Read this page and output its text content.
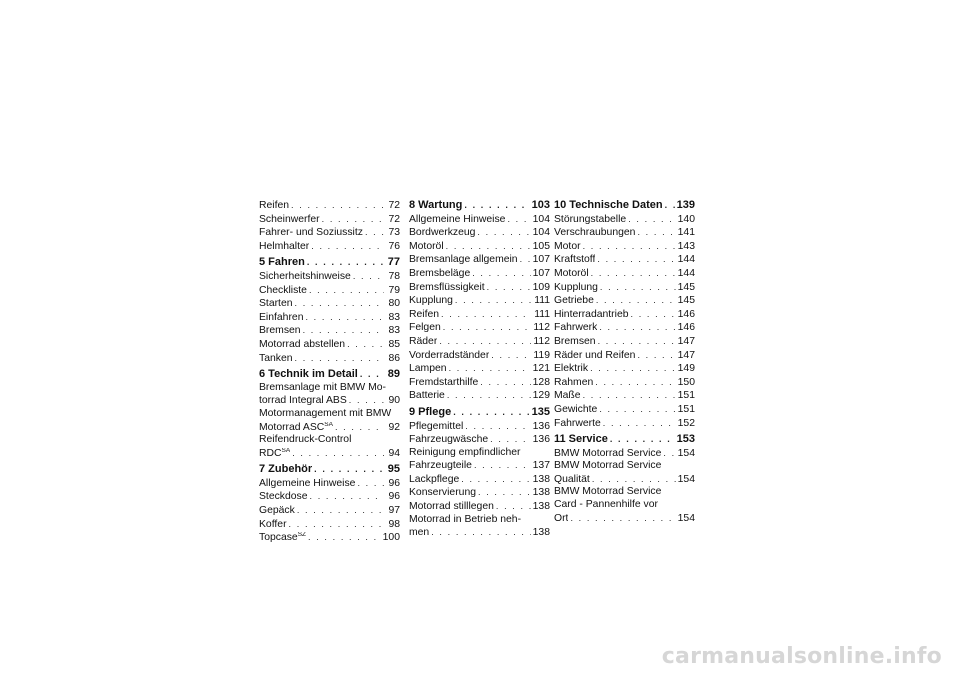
Reifen . . .	72
Scheinwerfer . . .	72
Fahrer- und Soziussitz . . . 73
Helmhalter . . .	76
5 Fahren . . .	77
Sicherheitshinweise . . .	78
Checkliste . . .	79
Starten . . .	80
Einfahren . . .	83
Bremsen . . .	83
Motorrad abstellen . . .	85
Tanken . . .	86
6 Technik im Detail . . .	89
Bremsanlage mit BMW Mo-
torrad Integral ABS . . .	90
Motormanagement mit BMW
Motorrad $ASC^{SA}$ . . .	92
Reifendruck-Control
$RDC^{SA}$ . . .	94
7 Zubehör . . .	95
Allgemeine Hinweise . . .	96
Steckdose . . .	96
Gepäck . . .	97
Koffer . . .	98
Topcase$^{SZ}$ . . .	100
8 Wartung . . .	103
Allgemeine Hinweise . . .	104
Bordwerkzeug . . .	104
Motoröl . . .	105
Bremsanlage allgemein . . . 107
Bremsbeläge . . .	107
Bremsflüssigkeit . . .	109
Kupplung . . .	111
Reifen . . .	111
Felgen . . .	112
Räder . . .	112
Vorderradständer . . .	119
Lampen . . .	121
Fremdstarthilfe . . .	128
Batterie . . .	129
9 Pflege . . .	135
Pflegemittel . . .	136
Fahrzeugwäsche . . .	136
Reinigung empfindlicher
Fahrzeugteile . . .	137
Lackpflege . . .	138
Konservierung . . .	138
Motorrad stilllegen . . .	138
Motorrad in Betrieb neh-
men . . .	138
10 Technische Daten . . . 139
Störungstabelle . . .	140
Verschraubungen . . .	141
Motor . . .	143
Kraftstoff . . .	144
Motoröl . . .	144
Kupplung . . .	145
Getriebe . . .	145
Hinterradantrieb . . .	146
Fahrwerk . . .	146
Bremsen . . .	147
Räder und Reifen . . .	147
Elektrik . . .	149
Rahmen . . .	150
Maße . . .	151
Gewichte . . .	151
Fahrwerte . . .	152
11 Service . . .	153
BMW Motorrad Service . . . 154
BMW Motorrad Service
Qualität . . .	154
BMW Motorrad Service
Card - Pannenhilfe vor
Ort . . .	154
carmanualsonline.info
